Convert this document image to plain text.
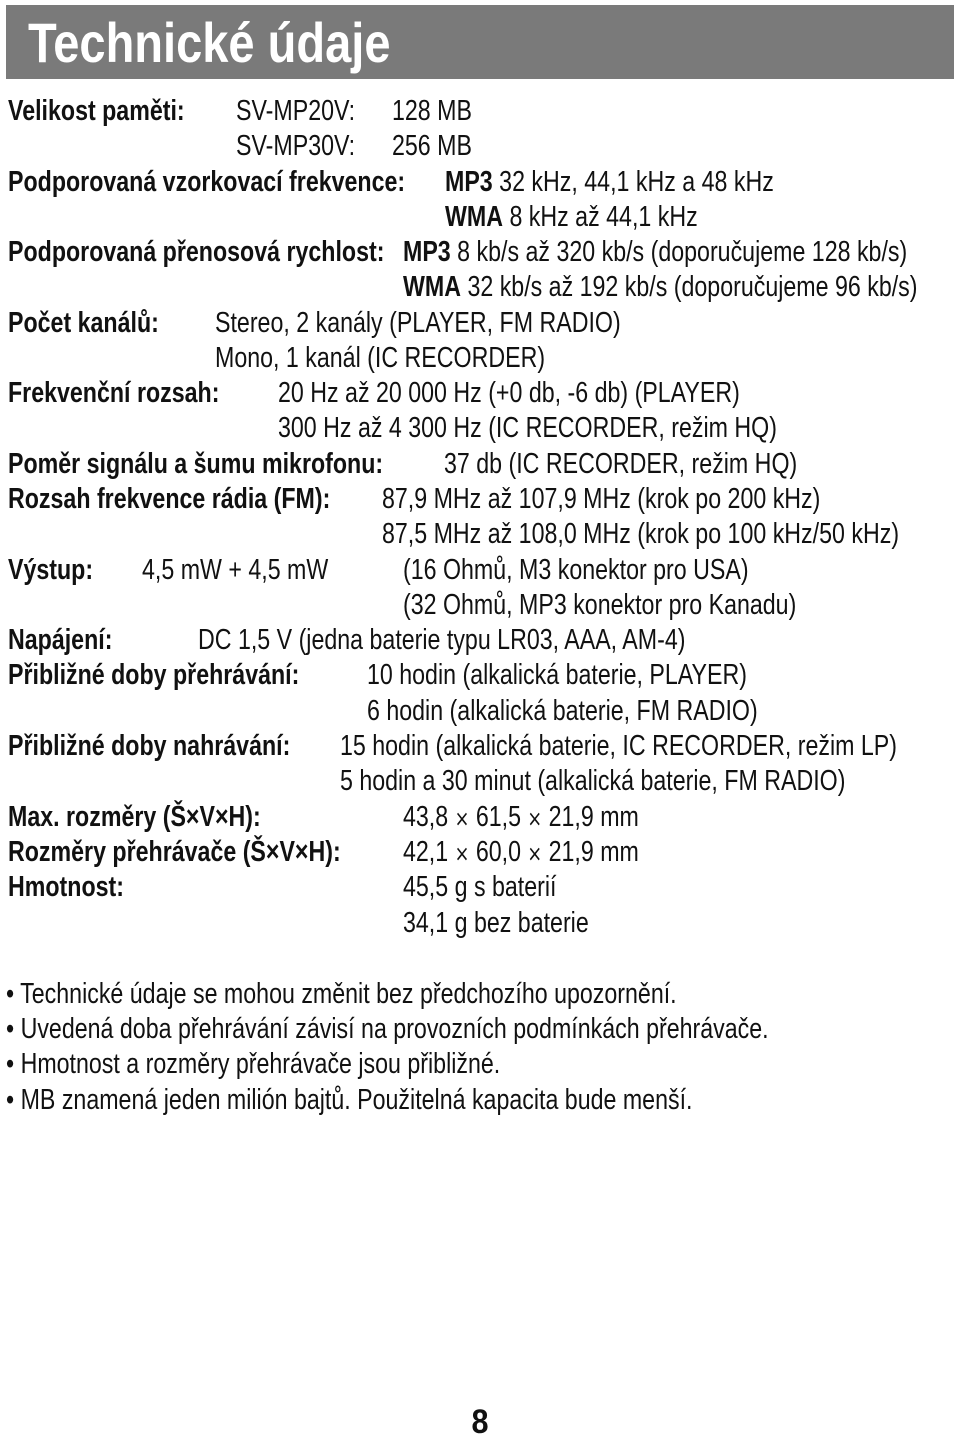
Technické údaje
Velikost paměti: SV-MP20V: 128 MB
SV-MP30V: 256 MB
Podporovaná vzorkovací frekvence: MP3 32 kHz, 44,1 kHz a 48 kHz
WMA 8 kHz až 44,1 kHz
Podporovaná přenosová rychlost: MP3 8 kb/s až 320 kb/s (doporučujeme 128 kb/s)
WMA 32 kb/s až 192 kb/s (doporučujeme 96 kb/s)
Počet kanálů: Stereo, 2 kanály (PLAYER, FM RADIO)
Mono, 1 kanál (IC RECORDER)
Frekvenční rozsah: 20 Hz až 20 000 Hz (+0 db, -6 db) (PLAYER)
300 Hz až 4 300 Hz (IC RECORDER, režim HQ)
Poměr signálu a šumu mikrofonu: 37 db (IC RECORDER, režim HQ)
Rozsah frekvence rádia (FM): 87,9 MHz až 107,9 MHz (krok po 200 kHz)
87,5 MHz až 108,0 MHz (krok po 100 kHz/50 kHz)
Výstup: 4,5 mW + 4,5 mW	(16 Ohmů, M3 konektor pro USA)
(32 Ohmů, MP3 konektor pro Kanadu)
Napájení:	DC 1,5 V (jedna baterie typu LR03, AAA, AM-4)
Přibližné doby přehrávání: 10 hodin (alkalická baterie, PLAYER)
6 hodin (alkalická baterie, FM RADIO)
Přibližné doby nahrávání: 15 hodin (alkalická baterie, IC RECORDER, režim LP)
5 hodin a 30 minut (alkalická baterie, FM RADIO)
Max. rozměry (Š×V×H):	43,8 × 61,5 × 21,9 mm
Rozměry přehrávače (Š×V×H): 42,1 × 60,0 × 21,9 mm
Hmotnost:	45,5 g s baterií
34,1 g bez baterie
• Technické údaje se mohou změnit bez předchozího upozornění.
• Uvedená doba přehrávání závisí na provozních podmínkách přehrávače.
• Hmotnost a rozměry přehrávače jsou přibližné.
• MB znamená jeden milión bajtů. Použitelná kapacita bude menší.
8
